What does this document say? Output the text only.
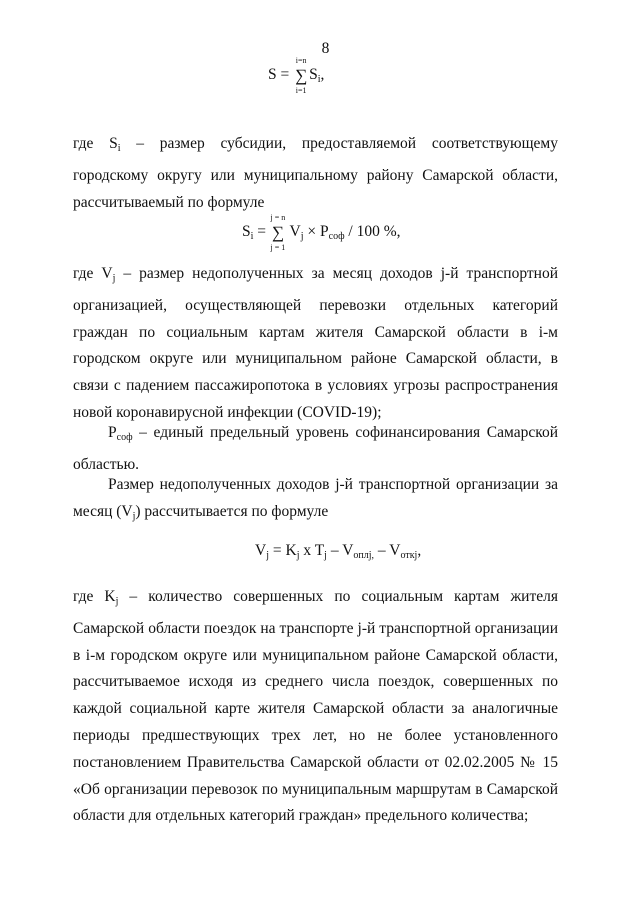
8
S = ∑
i=n
i=1
$S_i$,
где $S_i$ – размер субсидии, предоставляемой соответствующему городскому округу или муниципальному району Самарской области, рассчитываемый по формуле
$S_i$ = ∑
j = n
j = 1
$V_j \times P_{соф} / 100$ %,
где $V_j$ – размер недополученных за месяц доходов j-й транспортной организацией, осуществляющей перевозки отдельных категорий граждан по социальным картам жителя Самарской области в i-м городском округе или муниципальном районе Самарской области, в связи с падением пассажиропотока в условиях угрозы распространения новой коронавирусной инфекции (COVID-19);
$P_{соф}$ – единый предельный уровень софинансирования Самарской областью.
Размер недополученных доходов j-й транспортной организации за месяц $(V_j)$ рассчитывается по формуле
$V_j = K_j$ x $T_j - V_{оплj,} - V_{откj}$,
где $K_j$ – количество совершенных по социальным картам жителя Самарской области поездок на транспорте j-й транспортной организации в i-м городском округе или муниципальном районе Самарской области, рассчитываемое исходя из среднего числа поездок, совершенных по каждой социальной карте жителя Самарской области за аналогичные периоды предшествующих трех лет, но не более установленного постановлением Правительства Самарской области от 02.02.2005 № 15 «Об организации перевозок по муниципальным маршрутам в Самарской области для отдельных категорий граждан» предельного количества;
